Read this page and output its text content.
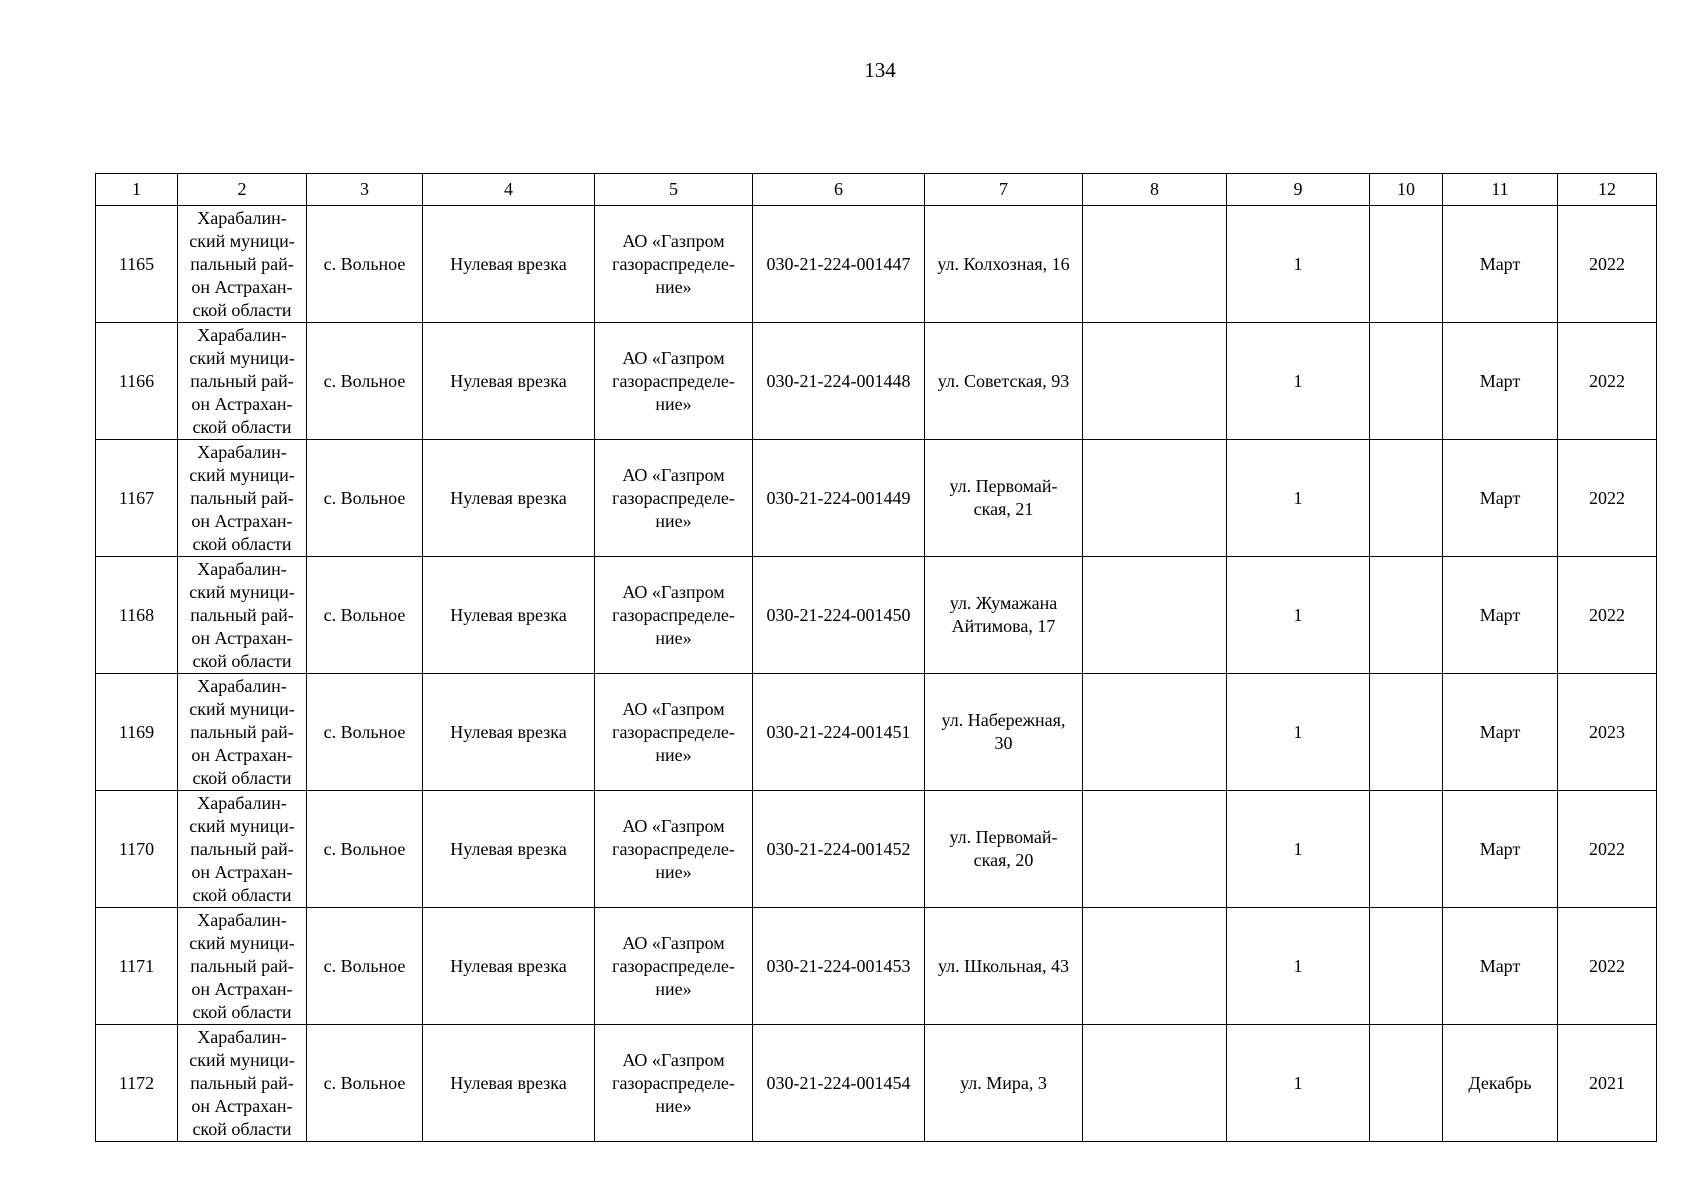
134
1	2	3	4	5	6	7	8	9	10	11	12
1165	Харабалин-
ский муници-
пальный рай-
он Астрахан-
ской области	с. Вольное	Нулевая врезка	АО «Газпром
газораспределе-
ние»	030-21-224-001447	ул. Колхозная, 16		1		Март	2022
1166	Харабалин-
ский муници-
пальный рай-
он Астрахан-
ской области	с. Вольное	Нулевая врезка	АО «Газпром
газораспределе-
ние»	030-21-224-001448	ул. Советская, 93		1		Март	2022
1167	Харабалин-
ский муници-
пальный рай-
он Астрахан-
ской области	с. Вольное	Нулевая врезка	АО «Газпром
газораспределе-
ние»	030-21-224-001449	ул. Первомай-
ская, 21		1		Март	2022
1168	Харабалин-
ский муници-
пальный рай-
он Астрахан-
ской области	с. Вольное	Нулевая врезка	АО «Газпром
газораспределе-
ние»	030-21-224-001450	ул. Жумажана
Айтимова, 17		1		Март	2022
1169	Харабалин-
ский муници-
пальный рай-
он Астрахан-
ской области	с. Вольное	Нулевая врезка	АО «Газпром
газораспределе-
ние»	030-21-224-001451	ул. Набережная,
30		1		Март	2023
1170	Харабалин-
ский муници-
пальный рай-
он Астрахан-
ской области	с. Вольное	Нулевая врезка	АО «Газпром
газораспределе-
ние»	030-21-224-001452	ул. Первомай-
ская, 20		1		Март	2022
1171	Харабалин-
ский муници-
пальный рай-
он Астрахан-
ской области	с. Вольное	Нулевая врезка	АО «Газпром
газораспределе-
ние»	030-21-224-001453	ул. Школьная, 43		1		Март	2022
1172	Харабалин-
ский муници-
пальный рай-
он Астрахан-
ской области	с. Вольное	Нулевая врезка	АО «Газпром
газораспределе-
ние»	030-21-224-001454	ул. Мира, 3		1		Декабрь	2021
